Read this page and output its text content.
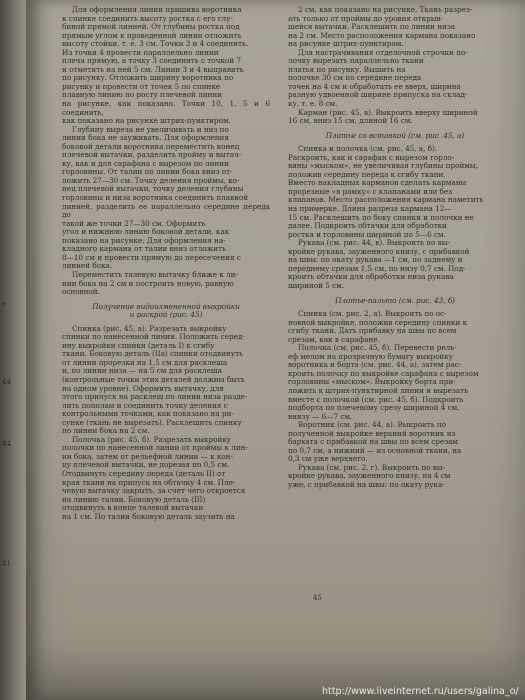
44
44
е
41

Для оформления линии пришива воротника
к спинке соединить высоту ростка с его глу-
биной прямой линией. От глубины ростка под
прямым углом к проведенной линии отложить
высоту стойки, т. е. 3 см. Точки 3 и 4 соединить.
Из точки 4 провести параллельно линии
плеча прямую, а точку 3 соединить с точкой 7
и отметить на ней 5 см. Линии 3 и 4 выправить
по рисунку. Отложить ширину воротника по
рисунку и провести от точек 5 по спинке
плавную линию по росту плечевой линии
на рисунке, как показано. Точки 10, 1, 5 и 6 соединить,
как показано на рисунке штрих-пунктиром.

Глубину выреза не увеличивать и низ по
линии бока не зауживать. Для оформления
боковой детали воротника переместить конец
плечевой вытачки, разделить пройму и вытач-
ку, как и для сарафана с вырезом по линии
горловины. От талии по линии бока вниз от-
ложить 27—30 см. Точку деления проймы, ко-
нец плечевой вытачки, точку деления глубины
горловины и низа воротника соединить плавной
линией, разделить ее параллельно середине переда до
такой же точки 27—30 см. Оформить
угол и нижнюю линию боковой детали, как
показано на рисунке. Для оформления на-
кладного кармана от талии вниз отложить
8—10 см и провести прямую до пересечения с
линией бока.

Переместить талевую вытачку ближе к ли-
нии бока на 2 см и построить новую, равную
основной.

Получение видоизмененной выкройки
и раскрой (рис. 45)

Спинка (рис. 45, а). Разрезать выкройку
спинки по нанесенной линии. Положить серед-
ину выкройки спинки (деталь I) к сгибу
ткани. Боковую деталь (IIа) спинки отодвинуть
от линии прорезки на 1,5 см для расклеша
и, по линии низа — на 5 см для расклеша
(контрольные точки этих деталей должны быть
на одном уровне). Оформить вытачку, для
этого припуск на расклеш по линии низа разде-
лить пополам и соединить точку деления с
контрольными точками, как показано на ри-
сунке (ткань не вырезать). Расклешить спинку
по линии бока на 2 см.

Полочка (рис. 45, б). Разрезать выкройку
полочки по нанесенной линии от проймы к лин-
ии бока, затем от рельефной линии — к кон-
цу плечевой вытачки, не дорезая по 0,5 см.
Отодвинуть середину переда (деталь II) от
края ткани на припуск на обтачку 4 см. Пле-
чевую вытачку закрыть, за счет чего откроется
на линию талии. Боковую деталь (III)
отодвинуть в конце талевой вытачки
на 1 см. По талии боковую деталь заузить на

2 см, как показано на рисунке. Ткань разрез-
ать только от проймы до уровня открыв-
шейся вытачки. Расклешить по линии низа
на 2 см. Место расположения кармана показано
на рисунке штрих-пунктиром.

Для настрачивания отделочной строчки по-
лочку вырезать параллельно ткани
платья по рисунку. Вышить на
полочке 30 см по середине переда
точек на 4 см и обработать ее вверх, ширина
разную удвоенной ширине припуска на склад-
ку, т. е. 8 см.

Карман (рис. 45, в). Выкроить вверху шириной
16 см, вниз 15 см, длиной 16 см.

Платье со вставкой (см. рис. 45, а)

Спинка и полочка (см. рис. 45, а, б).
Раскроить, как и сарафан с вырезом горло-
вины «мыском», не увеличивая глубины проймы,
положив середину переда к сгибу ткани.
Вместо накладных карманов сделать карманы
прорезные «в рамку» с клапанами или без
клапанов. Место расположения кармана наметить
на примерке. Длина разреза кармана 12—
15 см. Расклешить по боку спинки и полочки не
далее. Подкроить обтачки для обработки
ростка и горловины шириной по 5—6 см.

Рукава (см. рис. 44, в). Выкроить по вы-
кройке рукава, зауженного книзу, с прибавкой
на швы: по окату рукава —1 см, по заднему и
переднему срезам 1,5 см, по низу 0,7 см. Под-
кроить обтачки для обработки низа рукава
шириной 5 см.

Платье-пальто (см. рис. 43, б)

Спинка (см. рис. 2, а). Выкроить по ос-
новной выкройке, положив середину спинки к
сгибу ткани. Дать прибавку на швы по всем
срезам, как в сарафане.

Полочка (см. рис. 45, б). Перевести рель-
еф мелом на прозрачную бумагу выкройку
воротника и борта (см. рис. 44, а), затем рас-
кроить полочку по выкройке сарафана с вырезом
горловины «мыском». Выкройку борта при-
ложить к штрих-пунктирной линии и вырезать
вместе с полочкой (см. рис. 45, б). Подкроить
подборта по плечевому срезу шириной 4 см,
внизу — 6—7 см.

Воротник (см. рис. 44, а). Выкроить по
полученной выкройке верхний воротник из
бархата с прибавкой на швы по всем срезам
по 0,7 см, а нижний — из основной ткани, на
0,3 см уже верхнего.

Рукава (см. рис. 2, г). Выкроить по вы-
кройке рукава, зауженного книзу, на 4 см
уже, с прибавкой на швы: по окату рука-

45
http://www.liveinternet.ru/users/galina_o/
